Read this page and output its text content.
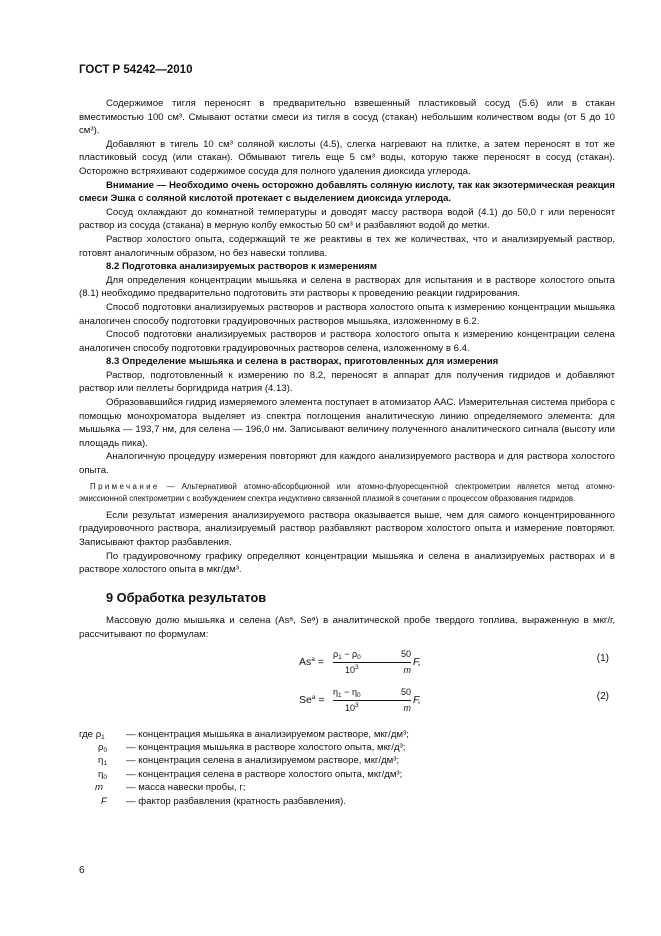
ГОСТ Р 54242—2010

Содержимое тигля переносят в предварительно взвешенный пластиковый сосуд (5.6) или в стакан вместимостью 100 см³. Смывают остатки смеси из тигля в сосуд (стакан) небольшим количеством воды (от 5 до 10 см³).

Добавляют в тигель 10 см³ соляной кислоты (4.5), слегка нагревают на плитке, а затем переносят в тот же пластиковый сосуд (или стакан). Обмывают тигель еще 5 см³ воды, которую также переносят в сосуд (стакан). Осторожно встряхивают содержимое сосуда для полного удаления диоксида углерода.

Внимание — Необходимо очень осторожно добавлять соляную кислоту, так как экзотермическая реакция смеси Эшка с соляной кислотой протекает с выделением диоксида углерода.

Сосуд охлаждают до комнатной температуры и доводят массу раствора водой (4.1) до 50,0 г или переносят раствор из сосуда (стакана) в мерную колбу емкостью 50 см³ и разбавляют водой до метки.

Раствор холостого опыта, содержащий те же реактивы в тех же количествах, что и анализируемый раствор, готовят аналогичным образом, но без навески топлива.

8.2 Подготовка анализируемых растворов к измерениям

Для определения концентрации мышьяка и селена в растворах для испытания и в растворе холостого опыта (8.1) необходимо предварительно подготовить эти растворы к проведению реакции гидрирования.

Способ подготовки анализируемых растворов и раствора холостого опыта к измерению концентрации мышьяка аналогичен способу подготовки градуировочных растворов мышьяка, изложенному в 6.2.

Способ подготовки анализируемых растворов и раствора холостого опыта к измерению концентрации селена аналогичен способу подготовки градуировочных растворов селена, изложенному в 6.4.

8.3 Определение мышьяка и селена в растворах, приготовленных для измерения

Раствор, подготовленный к измерению по 8.2, переносят в аппарат для получения гидридов и добавляют раствор или пеллеты боргидрида натрия (4.13).

Образовавшийся гидрид измеряемого элемента поступает в атомизатор ААС. Измерительная система прибора с помощью монохроматора выделяет из спектра поглощения аналитическую линию определяемого элемента: для мышьяка — 193,7 нм, для селена — 196,0 нм. Записывают величину полученного аналитического сигнала (высоту или площадь пика).

Аналогичную процедуру измерения повторяют для каждого анализируемого раствора и для раствора холостого опыта.

Примечание — Альтернативой атомно-абсорбционной или атомно-флуоресцентной спектрометрии является метод атомно-эмиссионной спектрометрии с возбуждением спектра индуктивно связанной плазмой в сочетании с процессом образования гидридов.

Если результат измерения анализируемого раствора оказывается выше, чем для самого концентрированного градуировочного раствора, анализируемый раствор разбавляют раствором холостого опыта и измерение повторяют. Записывают фактор разбавления.

По градуировочному графику определяют концентрации мышьяка и селена в анализируемых растворах и в растворе холостого опыта в мкг/дм³.

9 Обработка результатов

Массовую долю мышьяка и селена (Asᵃ, Seᵃ) в аналитической пробе твердого топлива, выраженную в мкг/г, рассчитывают по формулам:

$As^a$ =
$\rho_1 - \rho_0$	50
$10^3$	m
F,	(1)
$Se^a$ =
$\eta_1 - \eta_0$	50
$10^3$	m
F,	(2)
где $\rho_1$ — концентрация мышьяка в анализируемом растворе, мкг/дм³;
$\rho_0$ — концентрация мышьяка в растворе холостого опыта, мкг/д³;
$\eta_1$ — концентрация селена в анализируемом растворе, мкг/дм³;
$\eta_0$ — концентрация селена в растворе холостого опыта, мкг/дм³;
m — масса навески пробы, г;
F — фактор разбавления (кратность разбавления).
6
